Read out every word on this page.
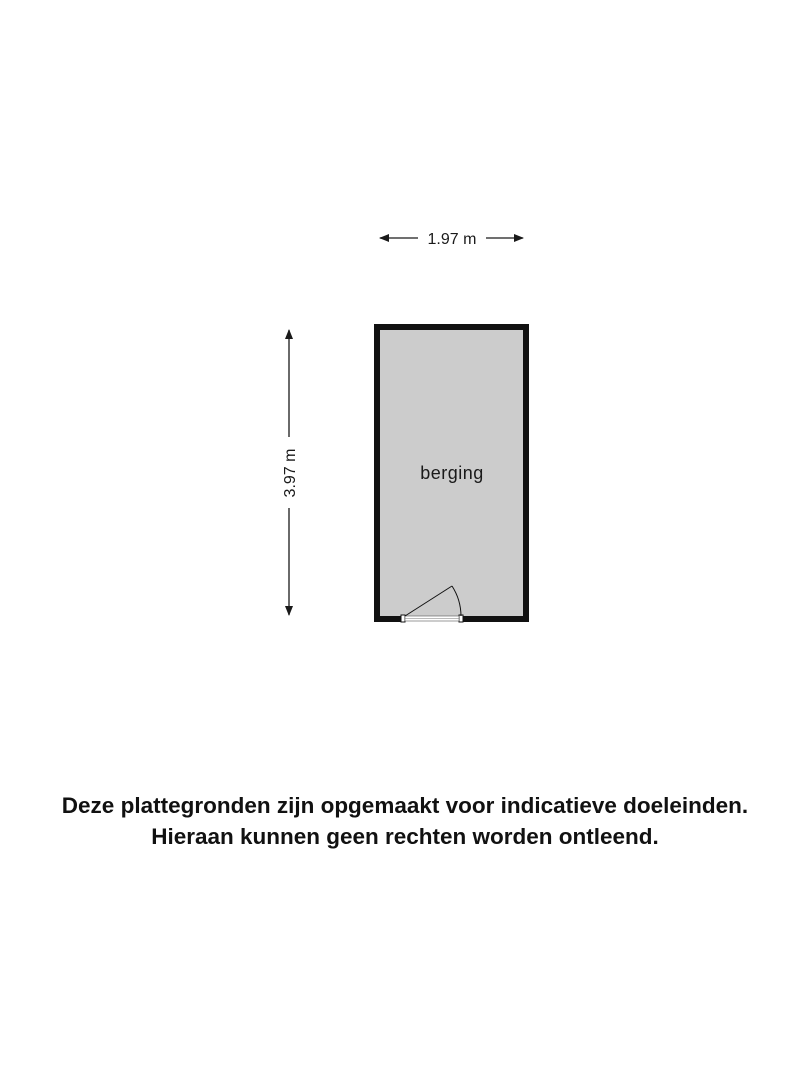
1.97 m
3.97 m	berging
Deze plattegronden zijn opgemaakt voor indicatieve doeleinden.
Hieraan kunnen geen rechten worden ontleend.
